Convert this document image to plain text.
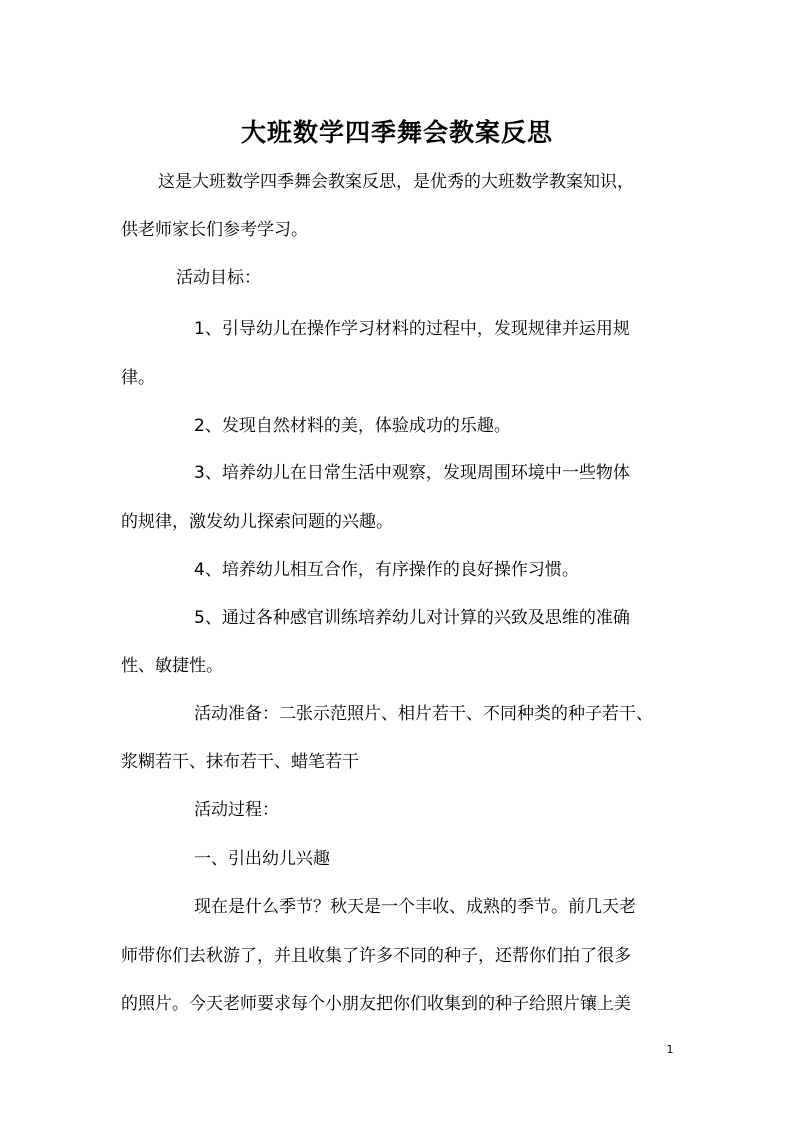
大班数学四季舞会教案反思
这是大班数学四季舞会教案反思，是优秀的大班数学教案知识，
供老师家长们参考学习。
活动目标：
1、引导幼儿在操作学习材料的过程中，发现规律并运用规
律。
2、发现自然材料的美，体验成功的乐趣。
3、培养幼儿在日常生活中观察，发现周围环境中一些物体
的规律，激发幼儿探索问题的兴趣。
4、培养幼儿相互合作，有序操作的良好操作习惯。
5、通过各种感官训练培养幼儿对计算的兴致及思维的准确
性、敏捷性。
活动准备：二张示范照片、相片若干、不同种类的种子若干、
浆糊若干、抹布若干、蜡笔若干
活动过程：
一、引出幼儿兴趣
现在是什么季节？秋天是一个丰收、成熟的季节。前几天老
师带你们去秋游了，并且收集了许多不同的种子，还帮你们拍了很多
的照片。今天老师要求每个小朋友把你们收集到的种子给照片镶上美
1
